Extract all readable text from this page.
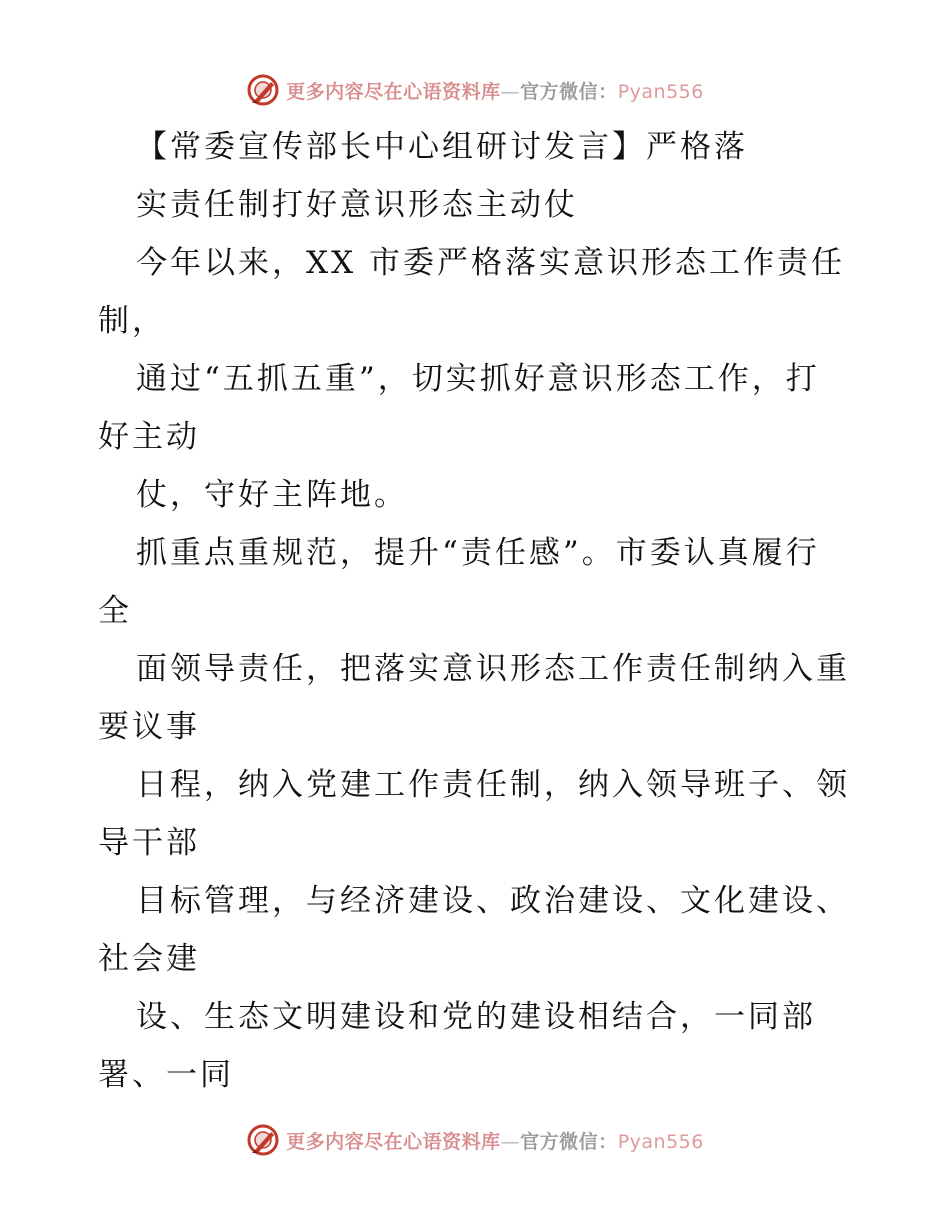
更多内容尽在心语资料库—官方微信：Pyan556
【常委宣传部长中心组研讨发言】严格落
实责任制打好意识形态主动仗
今年以来，XX 市委严格落实意识形态工作责任
制，
通过“五抓五重”，切实抓好意识形态工作，打
好主动
仗，守好主阵地。
抓重点重规范，提升“责任感”。市委认真履行
全
面领导责任，把落实意识形态工作责任制纳入重
要议事
日程，纳入党建工作责任制，纳入领导班子、领
导干部
目标管理，与经济建设、政治建设、文化建设、
社会建
设、生态文明建设和党的建设相结合，一同部
署、一同
更多内容尽在心语资料库—官方微信：Pyan556
